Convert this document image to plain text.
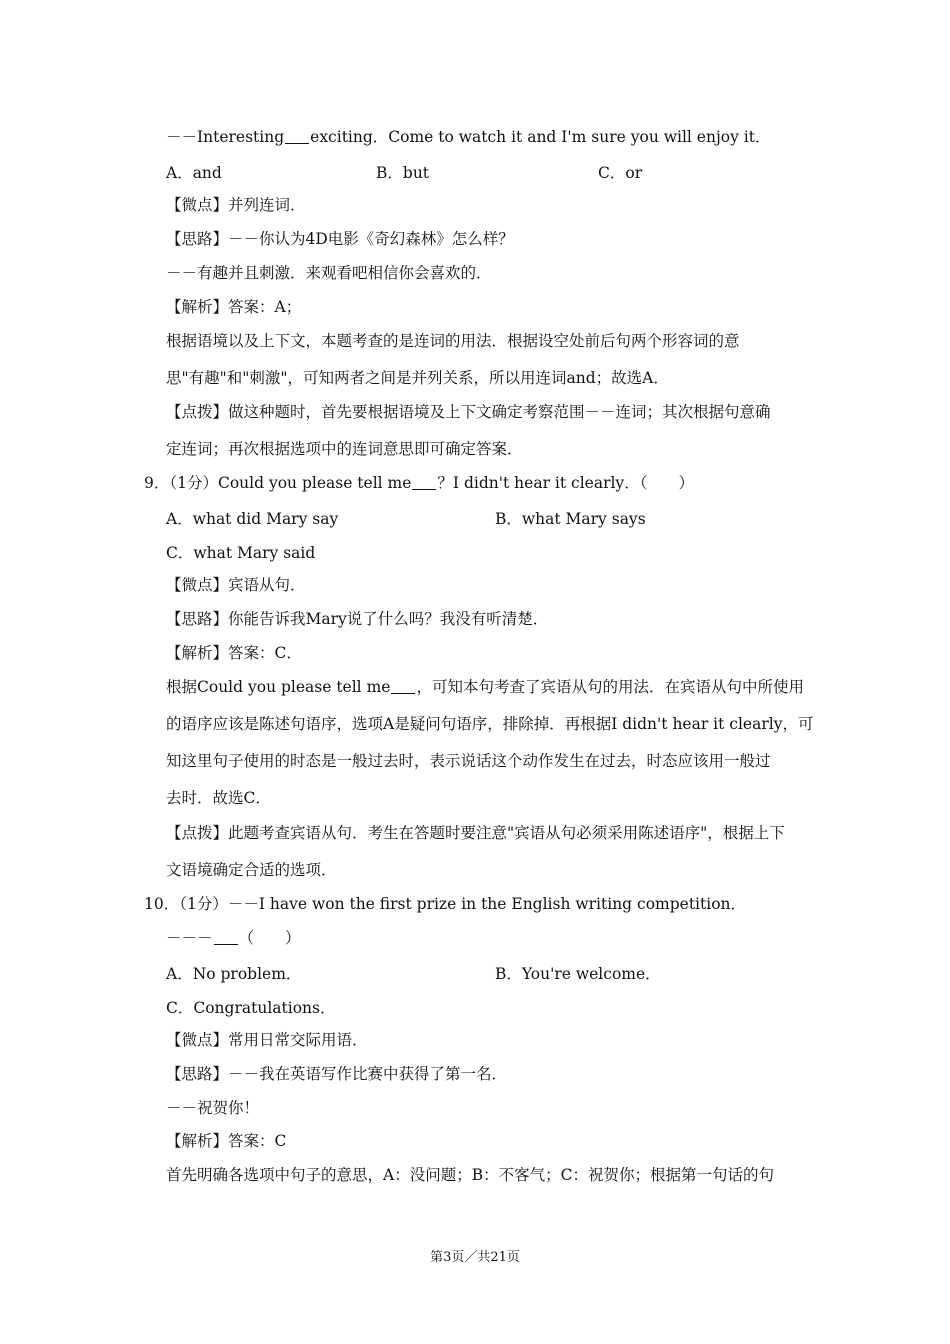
－－Interesting exciting．Come to watch it and I'm sure you will enjoy it．
A．and	B．but	C．or
【微点】并列连词．
【思路】－－你认为4D电影《奇幻森林》怎么样？
－－有趣并且刺激．来观看吧相信你会喜欢的．
【解析】答案：A；
根据语境以及上下文，本题考查的是连词的用法．根据设空处前后句两个形容词的意
思"有趣"和"刺激"，可知两者之间是并列关系，所以用连词and；故选A．
【点拨】做这种题时，首先要根据语境及上下文确定考察范围－－连词；其次根据句意确
定连词；再次根据选项中的连词意思即可确定答案．
9．（1分）Could you please tell me ？I didn't hear it clearly．（　　）
A．what did Mary say	B．what Mary says
C．what Mary said
【微点】宾语从句．
【思路】你能告诉我Mary说了什么吗？我没有听清楚．
【解析】答案：C．
根据Could you please tell me ，可知本句考查了宾语从句的用法．在宾语从句中所使用
的语序应该是陈述句语序，选项A是疑问句语序，排除掉．再根据I didn't hear it clearly，可
知这里句子使用的时态是一般过去时，表示说话这个动作发生在过去，时态应该用一般过
去时．故选C．
【点拨】此题考查宾语从句．考生在答题时要注意"宾语从句必须采用陈述语序"，根据上下
文语境确定合适的选项．
10．（1分）－－I have won the first prize in the English writing competition．
－－－ （　　）
A．No problem．	B．You're welcome．
C．Congratulations．
【微点】常用日常交际用语．
【思路】－－我在英语写作比赛中获得了第一名．
－－祝贺你！
【解析】答案：C
首先明确各选项中句子的意思，A：没问题；B：不客气；C：祝贺你；根据第一句话的句
第3页／共21页
